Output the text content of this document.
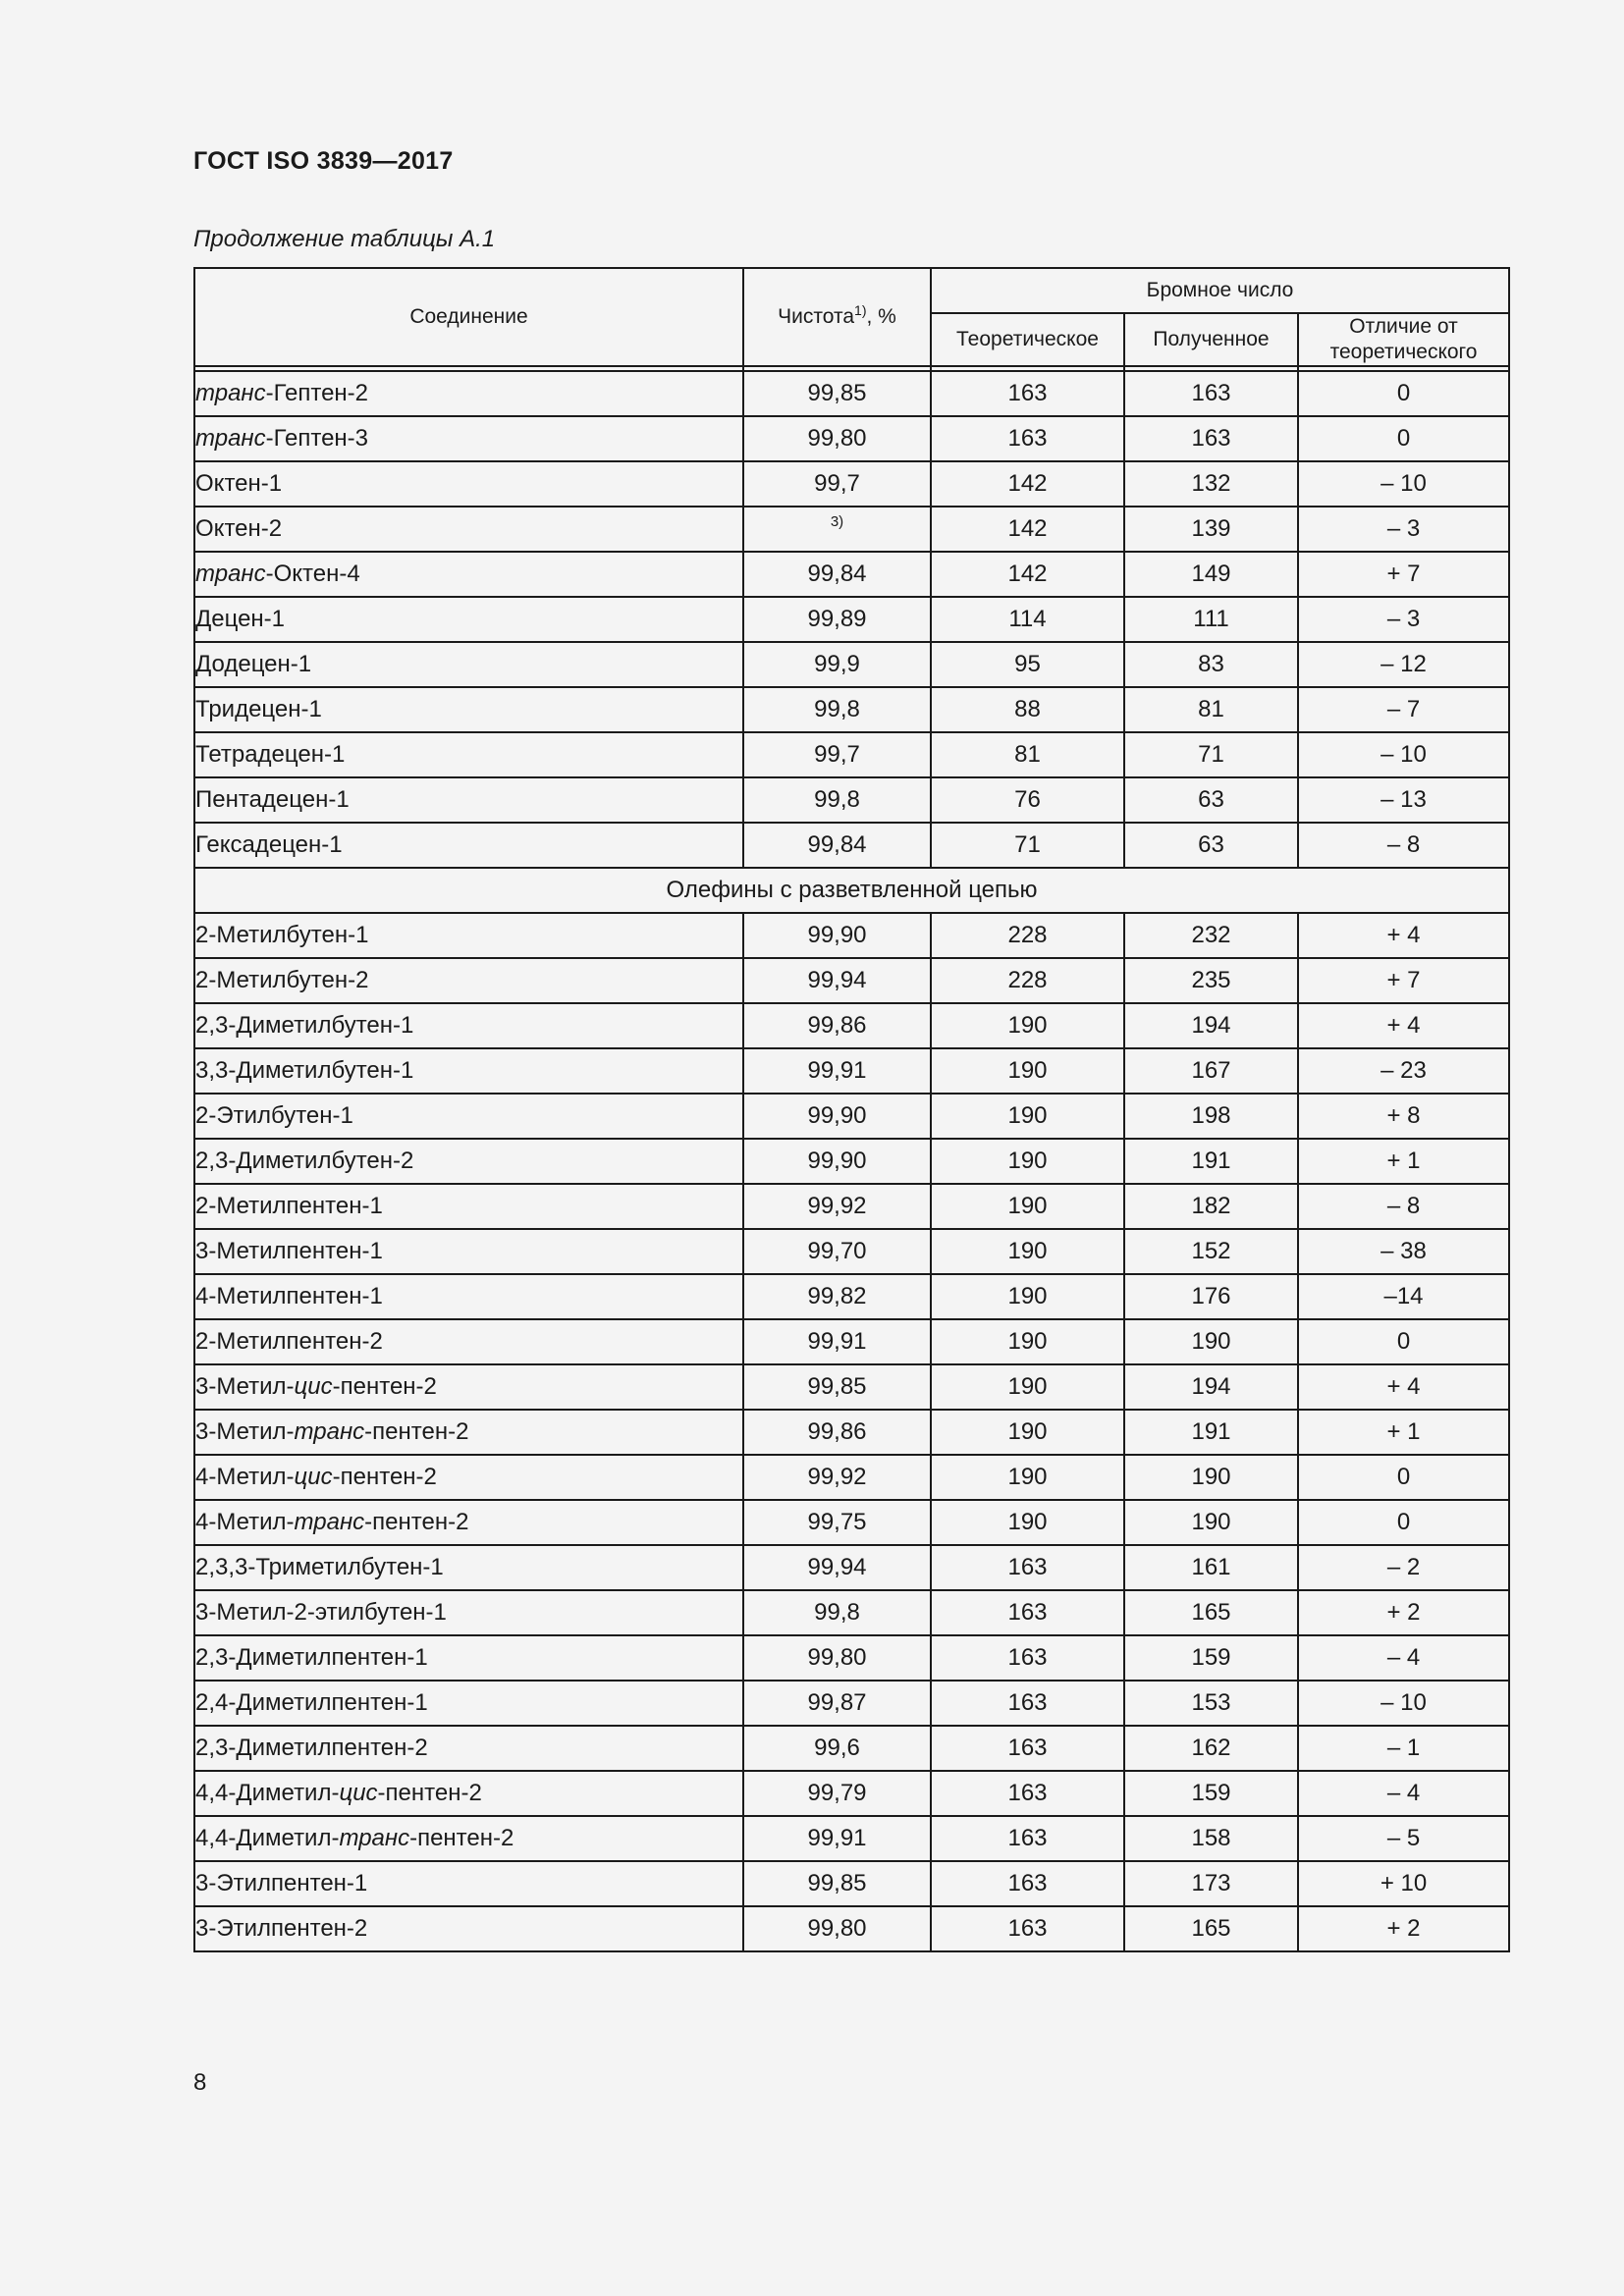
ГОСТ ISO 3839—2017
Продолжение таблицы А.1
Соединение	Чистота$^{1)}$, %	Бромное число		
		Теоретическое	Полученное	Отличие от теоретического

транс-Гептен-2	99,85	163	163	0
транс-Гептен-3	99,80	163	163	0
Октен-1	99,7	142	132	– 10
Октен-2	$^{3)}$	142	139	– 3
транс-Октен-4	99,84	142	149	+ 7
Децен-1	99,89	114	111	– 3
Додецен-1	99,9	95	83	– 12
Тридецен-1	99,8	88	81	– 7
Тетрадецен-1	99,7	81	71	– 10
Пентадецен-1	99,8	76	63	– 13
Гексадецен-1	99,84	71	63	– 8
Олефины с разветвленной цепью				
2-Метилбутен-1	99,90	228	232	+ 4
2-Метилбутен-2	99,94	228	235	+ 7
2,3-Диметилбутен-1	99,86	190	194	+ 4
3,3-Диметилбутен-1	99,91	190	167	– 23
2-Этилбутен-1	99,90	190	198	+ 8
2,3-Диметилбутен-2	99,90	190	191	+ 1
2-Метилпентен-1	99,92	190	182	– 8
3-Метилпентен-1	99,70	190	152	– 38
4-Метилпентен-1	99,82	190	176	–14
2-Метилпентен-2	99,91	190	190	0
3-Метил-цис-пентен-2	99,85	190	194	+ 4
3-Метил-транс-пентен-2	99,86	190	191	+ 1
4-Метил-цис-пентен-2	99,92	190	190	0
4-Метил-транс-пентен-2	99,75	190	190	0
2,3,3-Триметилбутен-1	99,94	163	161	– 2
3-Метил-2-этилбутен-1	99,8	163	165	+ 2
2,3-Диметилпентен-1	99,80	163	159	– 4
2,4-Диметилпентен-1	99,87	163	153	– 10
2,3-Диметилпентен-2	99,6	163	162	– 1
4,4-Диметил-цис-пентен-2	99,79	163	159	– 4
4,4-Диметил-транс-пентен-2	99,91	163	158	– 5
3-Этилпентен-1	99,85	163	173	+ 10
3-Этилпентен-2	99,80	163	165	+ 2
8
